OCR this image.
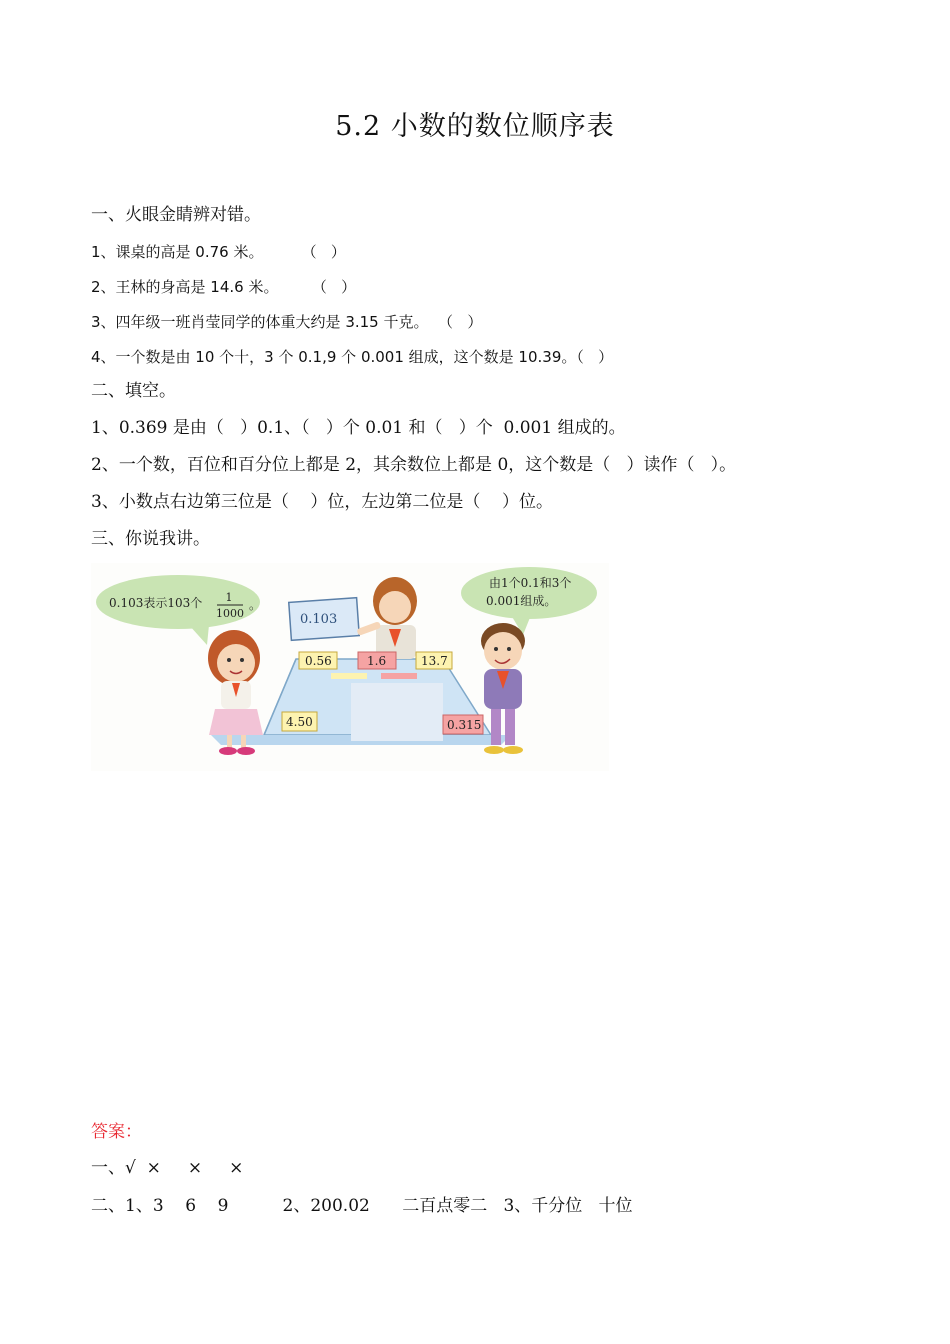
5.2 小数的数位顺序表
一、火眼金睛辨对错。
1、课桌的高是 0.76 米。        （   ）
2、王林的身高是 14.6 米。       （   ）
3、四年级一班肖莹同学的体重大约是 3.15 千克。  （   ）
4、一个数是由 10 个十，3 个 0.1,9 个 0.001 组成，这个数是 10.39。（   ）
二、填空。
1、0.369 是由（   ）0.1、（   ）个 0.01 和（   ）个  0.001 组成的。
2、一个数，百位和百分位上都是 2，其余数位上都是 0，这个数是（   ）读作（   ）。
3、小数点右边第三位是（    ）位，左边第二位是（    ）位。
三、你说我讲。
0.103表示103个 1
1000
。
由1个0.1和3个
0.001组成。
0.103
0.56	1.6	13.7
4.50	0.315
答案：
一、√  ×     ×     ×
二、1、3    6    9          2、200.02      二百点零二   3、千分位   十位
